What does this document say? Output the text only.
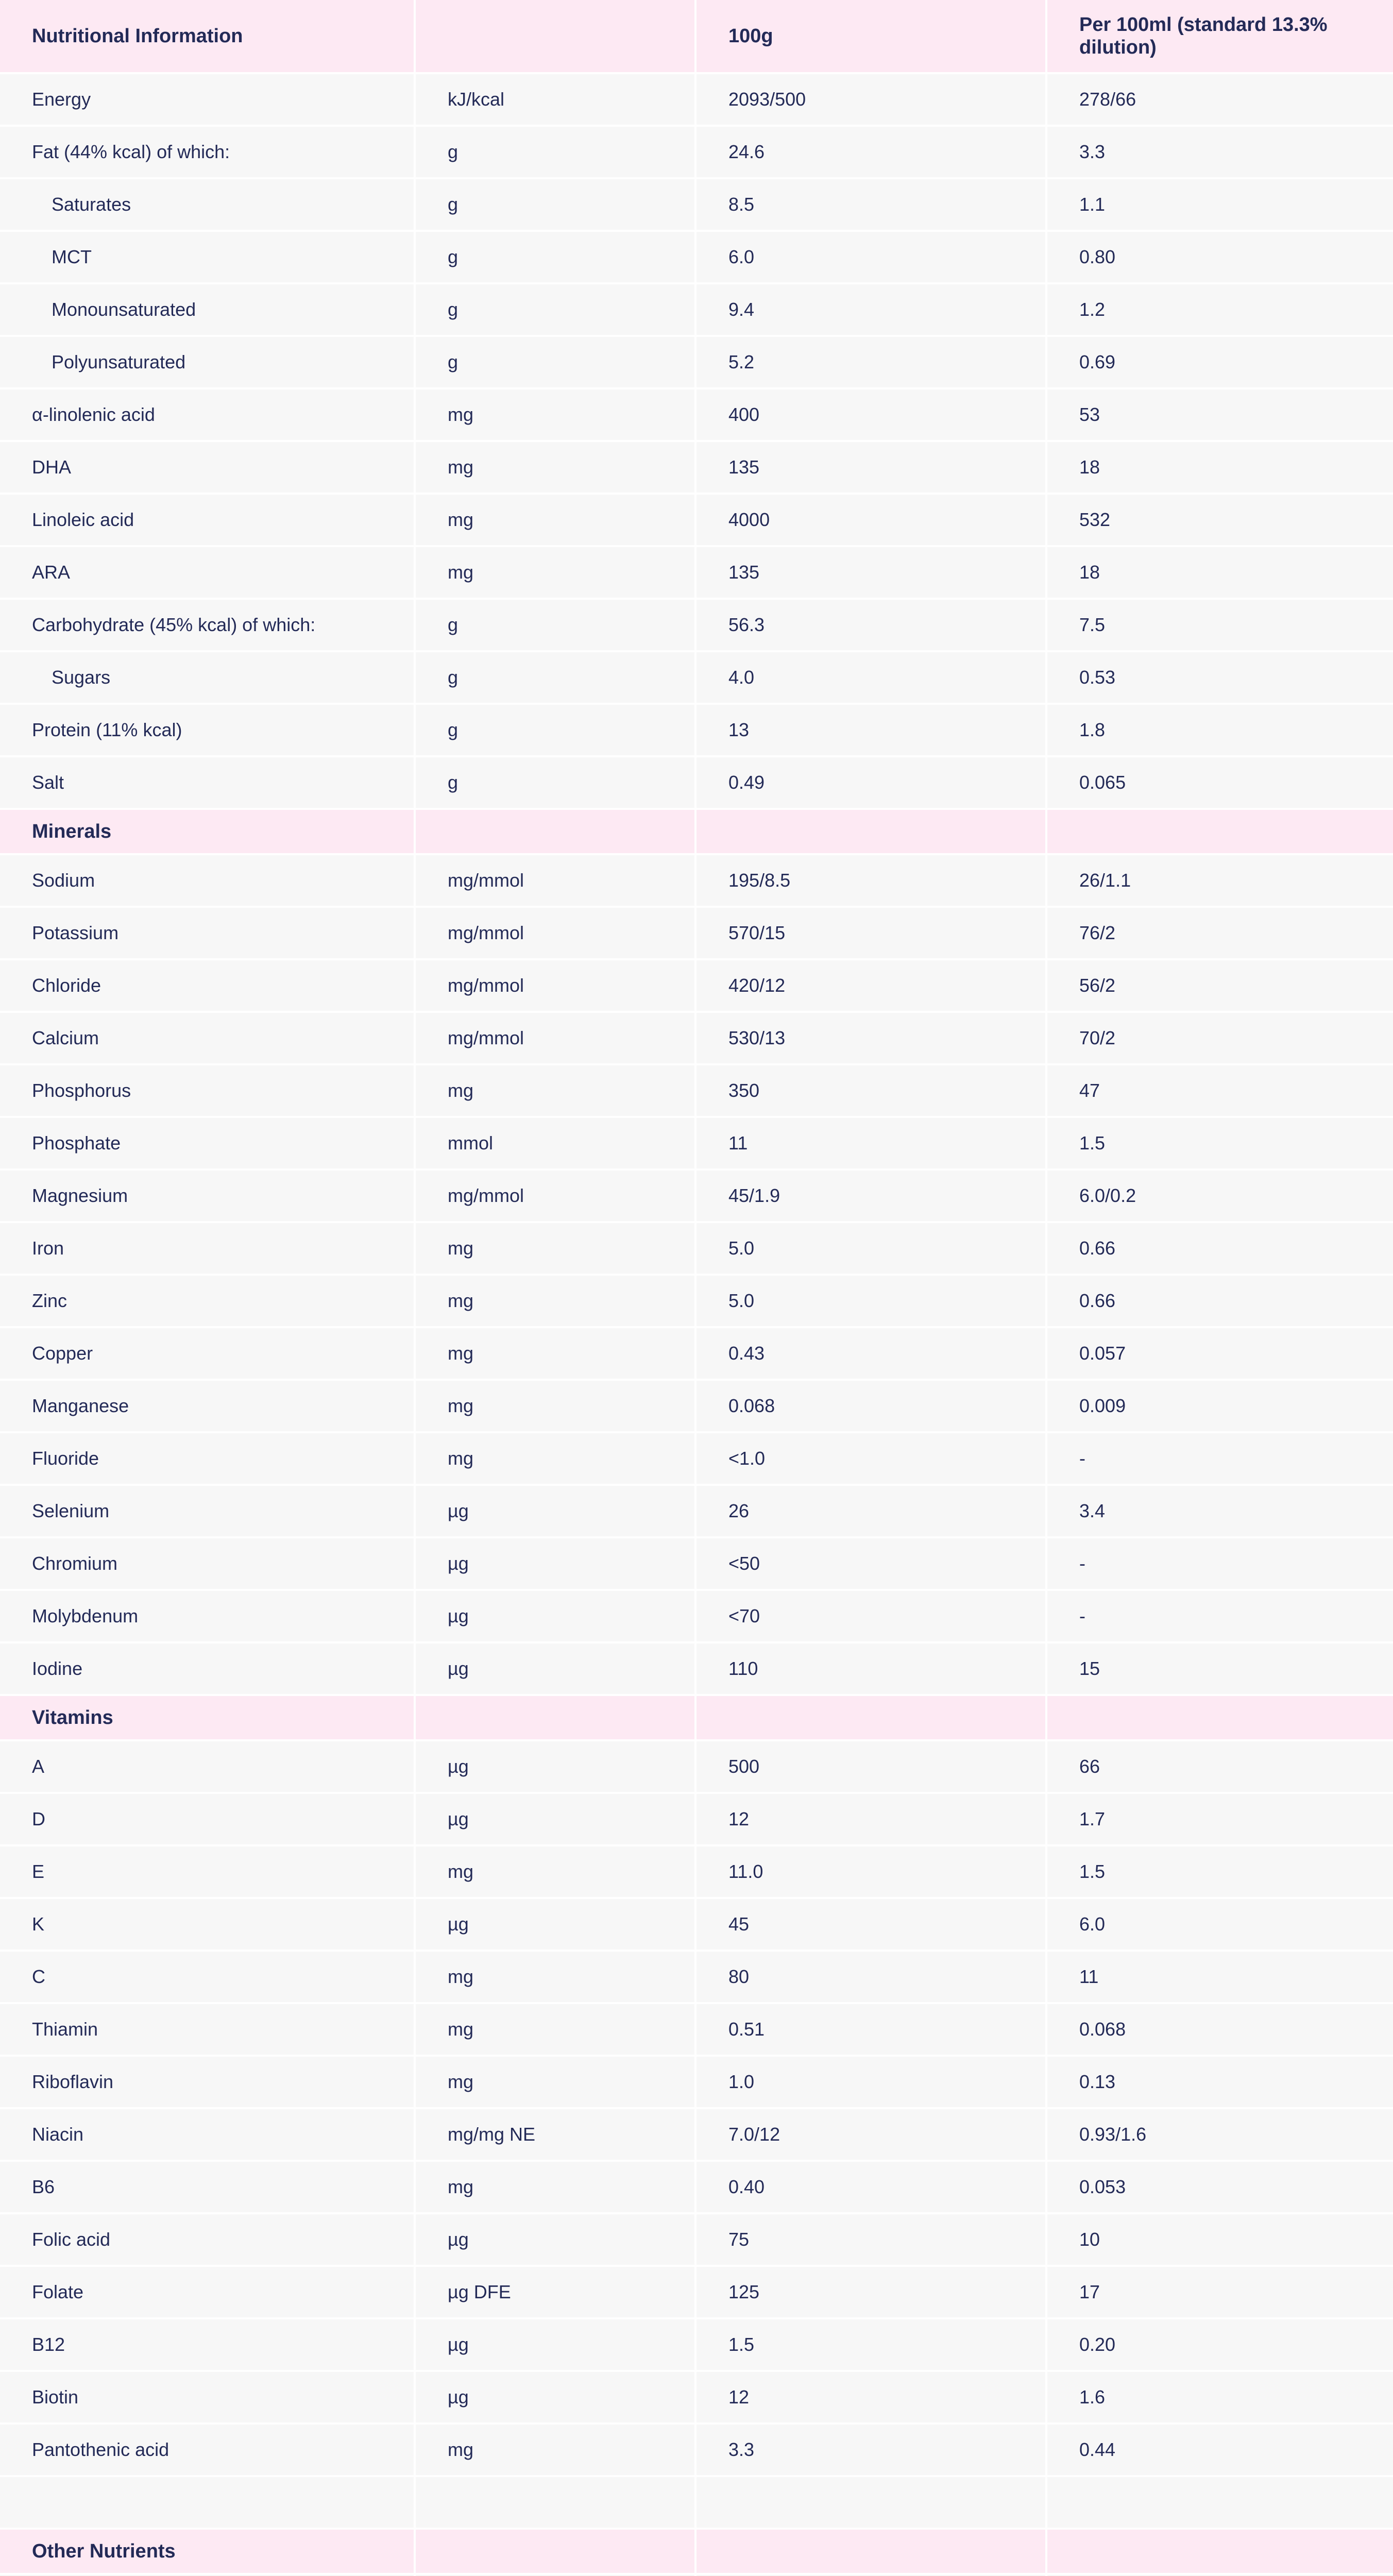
Nutritional Information		100g	Per 100ml (standard 13.3% dilution)
Energy	kJ/kcal	2093/500	278/66
Fat (44% kcal) of which:	g	24.6	3.3
Saturates	g	8.5	1.1
MCT	g	6.0	0.80
Monounsaturated	g	9.4	1.2
Polyunsaturated	g	5.2	0.69
α-linolenic acid	mg	400	53
DHA	mg	135	18
Linoleic acid	mg	4000	532
ARA	mg	135	18
Carbohydrate (45% kcal) of which:	g	56.3	7.5
Sugars	g	4.0	0.53
Protein (11% kcal)	g	13	1.8
Salt	g	0.49	0.065
Minerals			
Sodium	mg/mmol	195/8.5	26/1.1
Potassium	mg/mmol	570/15	76/2
Chloride	mg/mmol	420/12	56/2
Calcium	mg/mmol	530/13	70/2
Phosphorus	mg	350	47
Phosphate	mmol	11	1.5
Magnesium	mg/mmol	45/1.9	6.0/0.2
Iron	mg	5.0	0.66
Zinc	mg	5.0	0.66
Copper	mg	0.43	0.057
Manganese	mg	0.068	0.009
Fluoride	mg	<1.0	-
Selenium	µg	26	3.4
Chromium	µg	<50	-
Molybdenum	µg	<70	-
Iodine	µg	110	15
Vitamins			
A	µg	500	66
D	µg	12	1.7
E	mg	11.0	1.5
K	µg	45	6.0
C	mg	80	11
Thiamin	mg	0.51	0.068
Riboflavin	mg	1.0	0.13
Niacin	mg/mg NE	7.0/12	0.93/1.6
B6	mg	0.40	0.053
Folic acid	µg	75	10
Folate	µg DFE	125	17
B12	µg	1.5	0.20
Biotin	µg	12	1.6
Pantothenic acid	mg	3.3	0.44

Other Nutrients			
